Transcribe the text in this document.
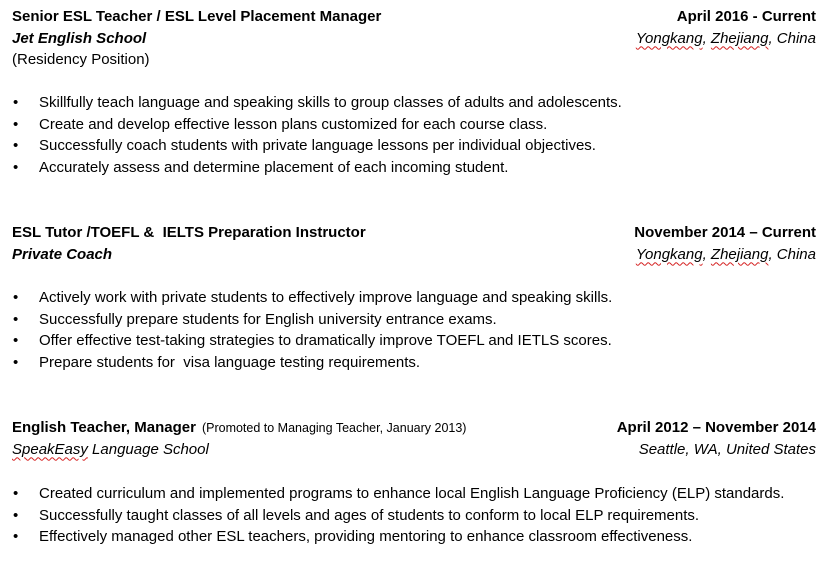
Senior ESL Teacher / ESL Level Placement Manager	April 2016 - Current
Jet English School	Yongkang, Zhejiang, China
(Residency Position)
• Skillfully teach language and speaking skills to group classes of adults and adolescents.
• Create and develop effective lesson plans customized for each course class.
• Successfully coach students with private language lessons per individual objectives.
• Accurately assess and determine placement of each incoming student.
ESL Tutor /TOEFL &  IELTS Preparation Instructor	November 2014 – Current
Private Coach	Yongkang, Zhejiang, China
• Actively work with private students to effectively improve language and speaking skills.
• Successfully prepare students for English university entrance exams.
• Offer effective test-taking strategies to dramatically improve TOEFL and IETLS scores.
• Prepare students for  visa language testing requirements.
English Teacher, Manager (Promoted to Managing Teacher, January 2013)	April 2012 – November 2014
SpeakEasy Language School	Seattle, WA, United States
• Created curriculum and implemented programs to enhance local English Language Proficiency (ELP) standards.
• Successfully taught classes of all levels and ages of students to conform to local ELP requirements.
• Effectively managed other ESL teachers, providing mentoring to enhance classroom effectiveness.
